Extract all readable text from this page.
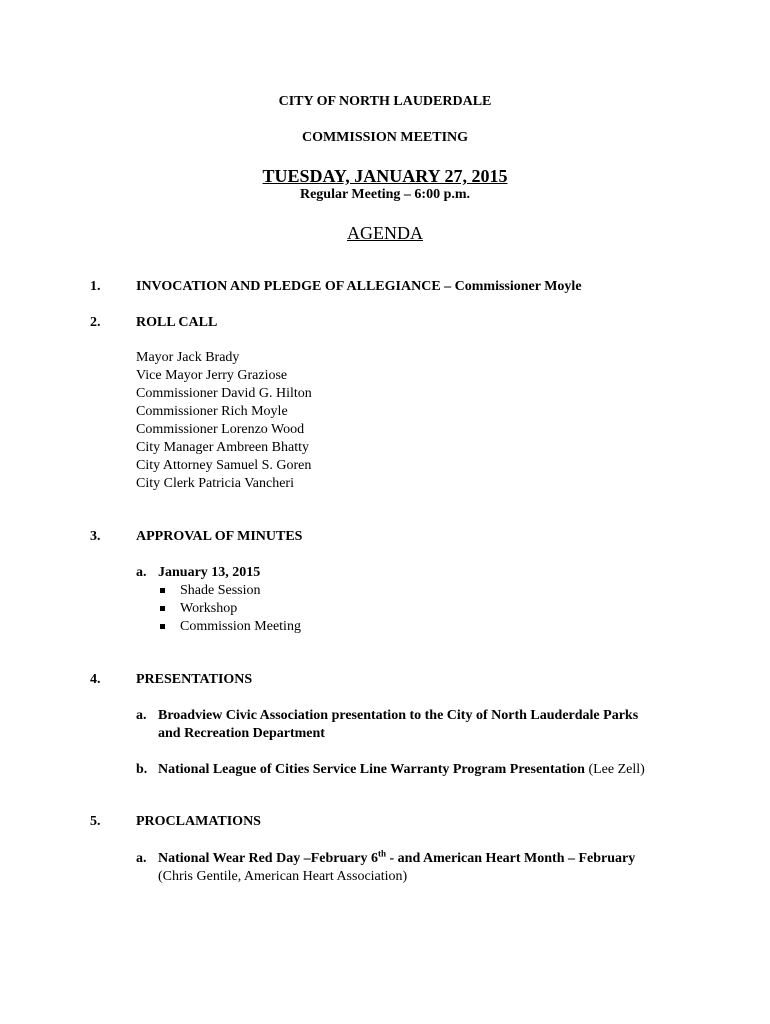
CITY OF NORTH LAUDERDALE
COMMISSION MEETING
TUESDAY, JANUARY 27, 2015
Regular Meeting – 6:00 p.m.
AGENDA
1.	INVOCATION AND PLEDGE OF ALLEGIANCE – Commissioner Moyle
2.	ROLL CALL
Mayor Jack Brady
Vice Mayor Jerry Graziose
Commissioner David G. Hilton
Commissioner Rich Moyle
Commissioner Lorenzo Wood
City Manager Ambreen Bhatty
City Attorney Samuel S. Goren
City Clerk Patricia Vancheri
3.	APPROVAL OF MINUTES
a. January 13, 2015
Shade Session
Workshop
Commission Meeting
4.	PRESENTATIONS
a. Broadview Civic Association presentation to the City of North Lauderdale Parks
and Recreation Department
b. National League of Cities Service Line Warranty Program Presentation (Lee Zell)
5.	PROCLAMATIONS
a. National Wear Red Day –February 6th - and American Heart Month – February
(Chris Gentile, American Heart Association)
